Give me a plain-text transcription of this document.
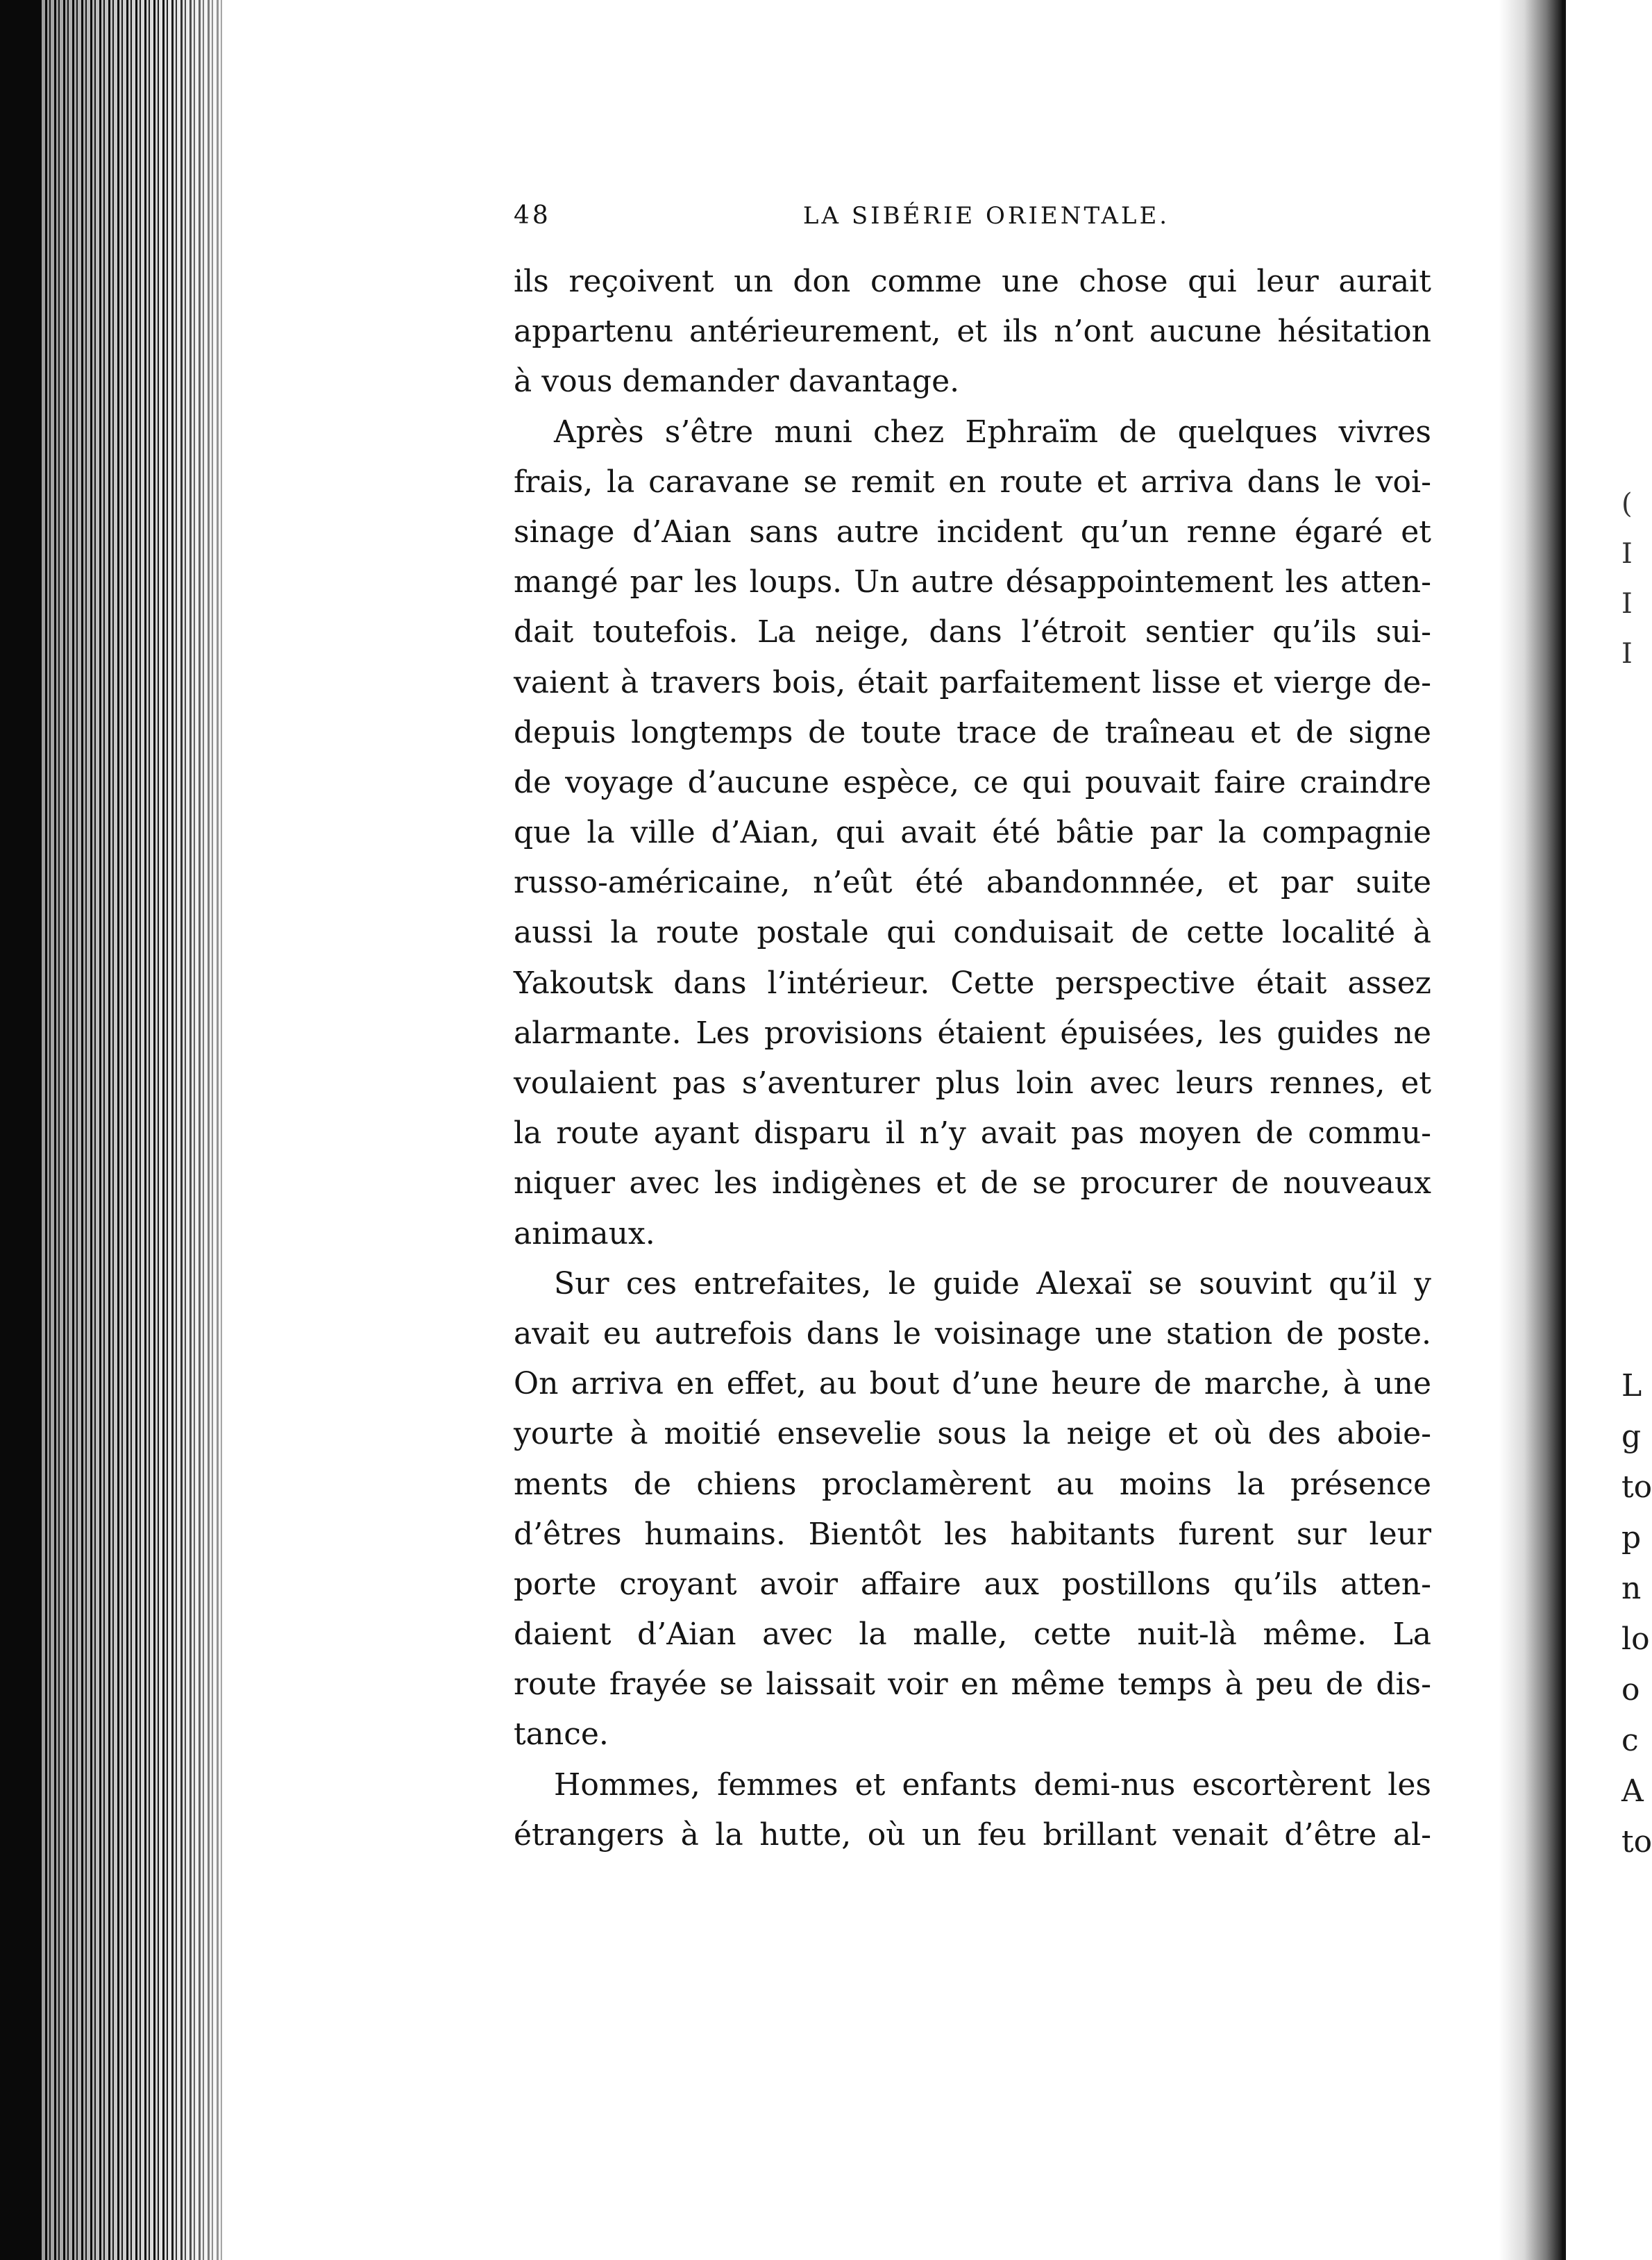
(
I
I
I
L
g
to
p
n
lo
o
c
A
to
48	LA SIBÉRIE ORIENTALE.
ils reçoivent un don comme une chose qui leur aurait
appartenu antérieurement, et ils n’ont aucune hésitation
à vous demander davantage.
Après s’être muni chez Ephraïm de quelques vivres
frais, la caravane se remit en route et arriva dans le voi-
sinage d’Aian sans autre incident qu’un renne égaré et
mangé par les loups. Un autre désappointement les atten-
dait toutefois. La neige, dans l’étroit sentier qu’ils sui-
vaient à travers bois, était parfaitement lisse et vierge de-
depuis longtemps de toute trace de traîneau et de signe
de voyage d’aucune espèce, ce qui pouvait faire craindre
que la ville d’Aian, qui avait été bâtie par la compagnie
russo-américaine, n’eût été abandonnnée, et par suite
aussi la route postale qui conduisait de cette localité à
Yakoutsk dans l’intérieur. Cette perspective était assez
alarmante. Les provisions étaient épuisées, les guides ne
voulaient pas s’aventurer plus loin avec leurs rennes, et
la route ayant disparu il n’y avait pas moyen de commu-
niquer avec les indigènes et de se procurer de nouveaux
animaux.
Sur ces entrefaites, le guide Alexaï se souvint qu’il y
avait eu autrefois dans le voisinage une station de poste.
On arriva en effet, au bout d’une heure de marche, à une
yourte à moitié ensevelie sous la neige et où des aboie-
ments de chiens proclamèrent au moins la présence
d’êtres humains. Bientôt les habitants furent sur leur
porte croyant avoir affaire aux postillons qu’ils atten-
daient d’Aian avec la malle, cette nuit-là même. La
route frayée se laissait voir en même temps à peu de dis-
tance.
Hommes, femmes et enfants demi-nus escortèrent les
étrangers à la hutte, où un feu brillant venait d’être al-
